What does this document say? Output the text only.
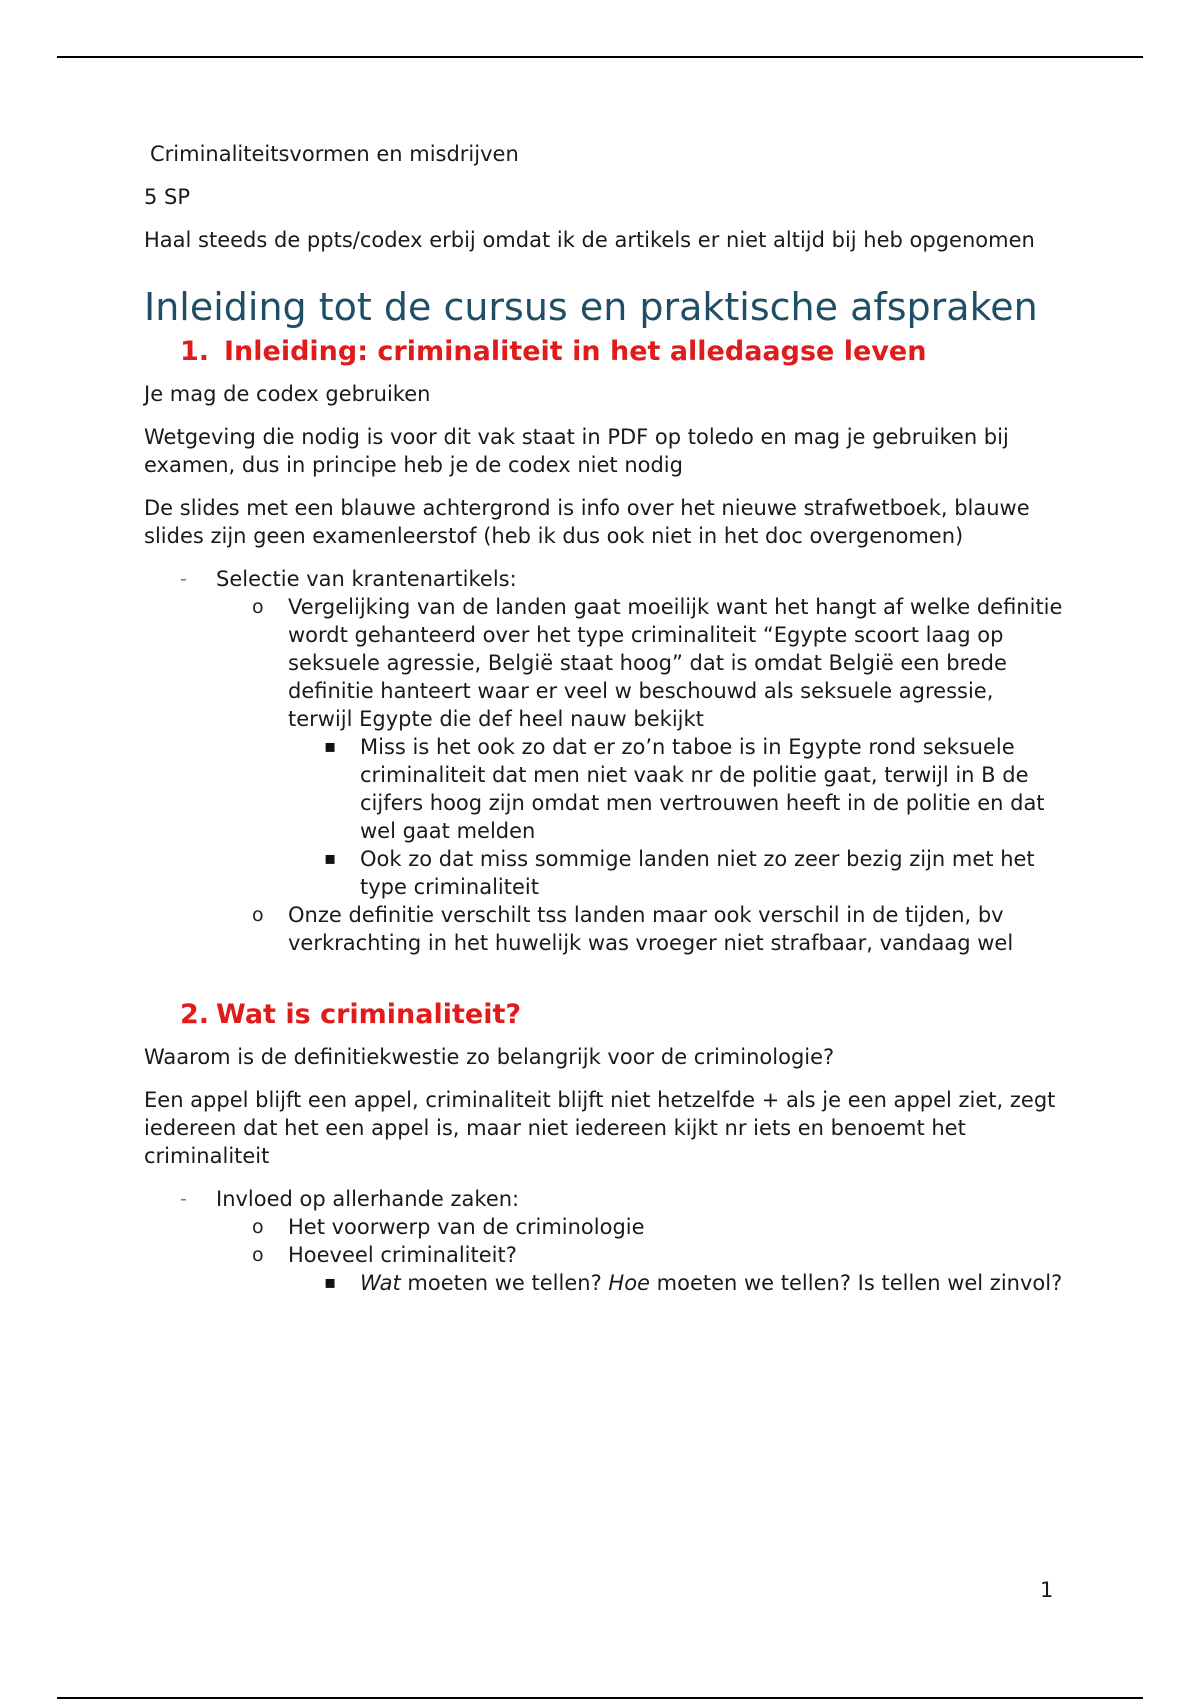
Criminaliteitsvormen en misdrijven

5 SP

Haal steeds de ppts/codex erbij omdat ik de artikels er niet altijd bij heb opgenomen

Inleiding tot de cursus en praktische afspraken
1. Inleiding: criminaliteit in het alledaagse leven

Je mag de codex gebruiken

Wetgeving die nodig is voor dit vak staat in PDF op toledo en mag je gebruiken bij examen, dus in principe heb je de codex niet nodig

De slides met een blauwe achtergrond is info over het nieuwe strafwetboek, blauwe slides zijn geen examenleerstof (heb ik dus ook niet in het doc overgenomen)

- Selectie van krantenartikels:
o Vergelijking van de landen gaat moeilijk want het hangt af welke definitie wordt gehanteerd over het type criminaliteit “Egypte scoort laag op seksuele agressie, België staat hoog” dat is omdat België een brede definitie hanteert waar er veel w beschouwd als seksuele agressie, terwijl Egypte die def heel nauw bekijkt
▪ Miss is het ook zo dat er zo’n taboe is in Egypte rond seksuele criminaliteit dat men niet vaak nr de politie gaat, terwijl in B de cijfers hoog zijn omdat men vertrouwen heeft in de politie en dat wel gaat melden
▪ Ook zo dat miss sommige landen niet zo zeer bezig zijn met het type criminaliteit
o Onze definitie verschilt tss landen maar ook verschil in de tijden, bv verkrachting in het huwelijk was vroeger niet strafbaar, vandaag wel
2. Wat is criminaliteit?

Waarom is de definitiekwestie zo belangrijk voor de criminologie?

Een appel blijft een appel, criminaliteit blijft niet hetzelfde + als je een appel ziet, zegt iedereen dat het een appel is, maar niet iedereen kijkt nr iets en benoemt het criminaliteit

- Invloed op allerhande zaken:
o Het voorwerp van de criminologie
o Hoeveel criminaliteit?
▪ Wat moeten we tellen? Hoe moeten we tellen? Is tellen wel zinvol?
1
